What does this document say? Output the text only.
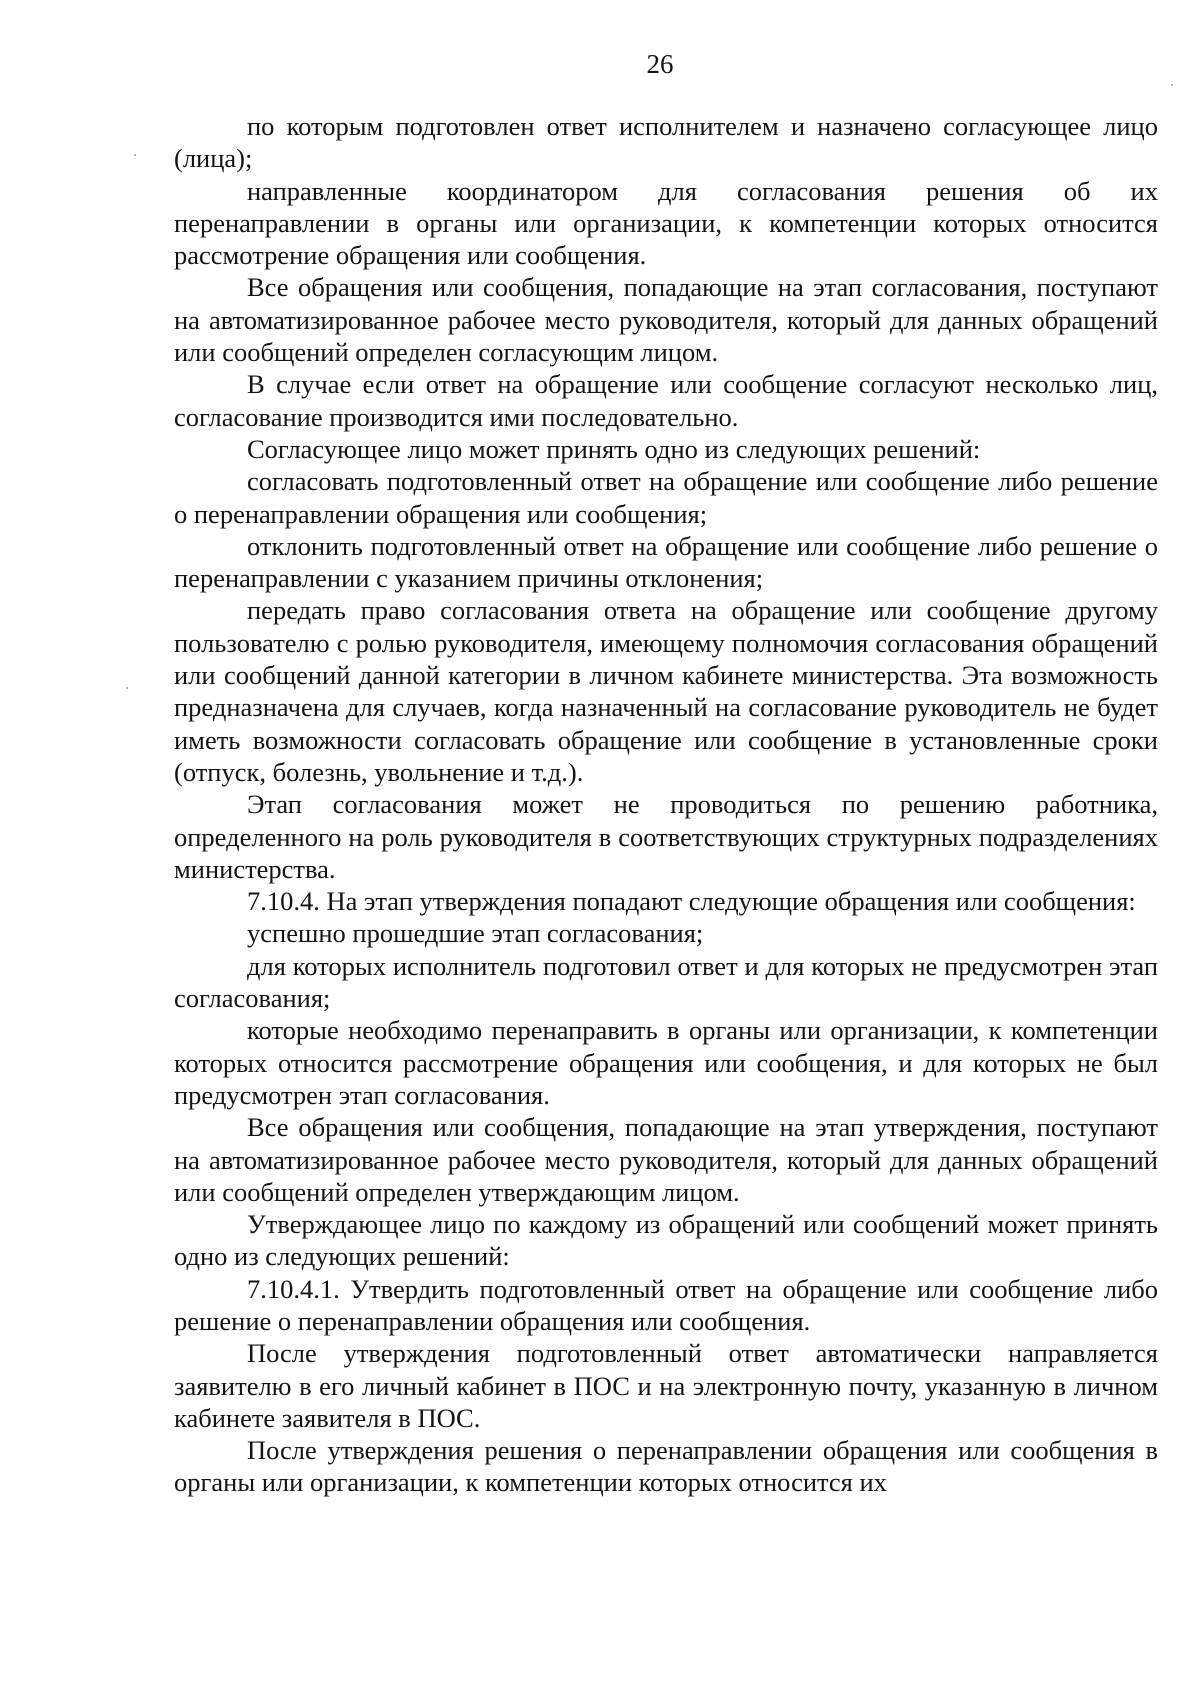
26

по которым подготовлен ответ исполнителем и назначено согласующее лицо (лица);

направленные координатором для согласования решения об их перенаправлении в органы или организации, к компетенции которых относится рассмотрение обращения или сообщения.

Все обращения или сообщения, попадающие на этап согласования, поступают на автоматизированное рабочее место руководителя, который для данных обращений или сообщений определен согласующим лицом.

В случае если ответ на обращение или сообщение согласуют несколько лиц, согласование производится ими последовательно.

Согласующее лицо может принять одно из следующих решений:

согласовать подготовленный ответ на обращение или сообщение либо решение о перенаправлении обращения или сообщения;

отклонить подготовленный ответ на обращение или сообщение либо решение о перенаправлении с указанием причины отклонения;

передать право согласования ответа на обращение или сообщение другому пользователю с ролью руководителя, имеющему полномочия согласования обращений или сообщений данной категории в личном кабинете министерства. Эта возможность предназначена для случаев, когда назначенный на согласование руководитель не будет иметь возможности согласовать обращение или сообщение в установленные сроки (отпуск, болезнь, увольнение и т.д.).

Этап согласования может не проводиться по решению работника, определенного на роль руководителя в соответствующих структурных подразделениях министерства.

7.10.4. На этап утверждения попадают следующие обращения или сообщения:

успешно прошедшие этап согласования;

для которых исполнитель подготовил ответ и для которых не предусмотрен этап согласования;

которые необходимо перенаправить в органы или организации, к компетенции которых относится рассмотрение обращения или сообщения, и для которых не был предусмотрен этап согласования.

Все обращения или сообщения, попадающие на этап утверждения, поступают на автоматизированное рабочее место руководителя, который для данных обращений или сообщений определен утверждающим лицом.

Утверждающее лицо по каждому из обращений или сообщений может принять одно из следующих решений:

7.10.4.1. Утвердить подготовленный ответ на обращение или сообщение либо решение о перенаправлении обращения или сообщения.

После утверждения подготовленный ответ автоматически направляется заявителю в его личный кабинет в ПОС и на электронную почту, указанную в личном кабинете заявителя в ПОС.

После утверждения решения о перенаправлении обращения или сообщения в органы или организации, к компетенции которых относится их
